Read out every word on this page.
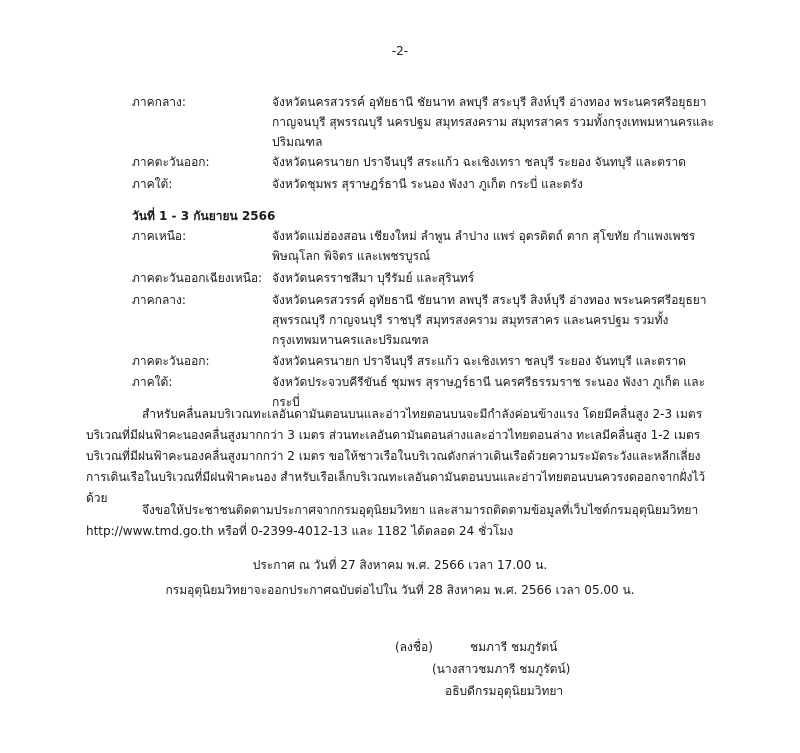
-2-
ภาคกลาง:	จังหวัดนครสวรรค์ อุทัยธานี ชัยนาท ลพบุรี สระบุรี สิงห์บุรี อ่างทอง พระนครศรีอยุธยา กาญจนบุรี สุพรรณบุรี นครปฐม สมุทรสงคราม สมุทรสาคร รวมทั้งกรุงเทพมหานครและปริมณฑล
ภาคตะวันออก:	จังหวัดนครนายก ปราจีนบุรี สระแก้ว ฉะเชิงเทรา ชลบุรี ระยอง จันทบุรี และตราด
ภาคใต้:	จังหวัดชุมพร สุราษฎร์ธานี ระนอง พังงา ภูเก็ต กระบี่ และตรัง
วันที่ 1 - 3 กันยายน 2566
ภาคเหนือ:	จังหวัดแม่ฮ่องสอน เชียงใหม่ ลำพูน ลำปาง แพร่ อุตรดิตถ์ ตาก สุโขทัย กำแพงเพชร พิษณุโลก พิจิตร และเพชรบูรณ์
ภาคตะวันออกเฉียงเหนือ: จังหวัดนครราชสีมา บุรีรัมย์ และสุรินทร์
ภาคกลาง:	จังหวัดนครสวรรค์ อุทัยธานี ชัยนาท ลพบุรี สระบุรี สิงห์บุรี อ่างทอง พระนครศรีอยุธยา สุพรรณบุรี กาญจนบุรี ราชบุรี สมุทรสงคราม สมุทรสาคร และนครปฐม รวมทั้งกรุงเทพมหานครและปริมณฑล
ภาคตะวันออก:	จังหวัดนครนายก ปราจีนบุรี สระแก้ว ฉะเชิงเทรา ชลบุรี ระยอง จันทบุรี และตราด
ภาคใต้:	จังหวัดประจวบคีรีขันธ์ ชุมพร สุราษฎร์ธานี นครศรีธรรมราช ระนอง พังงา ภูเก็ต และกระบี่
สำหรับคลื่นลมบริเวณทะเลอันดามันตอนบนและอ่าวไทยตอนบนจะมีกำลังค่อนข้างแรง โดยมีคลื่นสูง 2-3 เมตร บริเวณที่มีฝนฟ้าคะนองคลื่นสูงมากกว่า 3 เมตร ส่วนทะเลอันดามันตอนล่างและอ่าวไทยตอนล่าง ทะเลมีคลื่นสูง 1-2 เมตร บริเวณที่มีฝนฟ้าคะนองคลื่นสูงมากกว่า 2 เมตร ขอให้ชาวเรือในบริเวณดังกล่าวเดินเรือด้วยความระมัดระวังและหลีกเลี่ยงการเดินเรือในบริเวณที่มีฝนฟ้าคะนอง สำหรับเรือเล็กบริเวณทะเลอันดามันตอนบนและอ่าวไทยตอนบนควรงดออกจากฝั่งไว้ด้วย
จึงขอให้ประชาชนติดตามประกาศจากกรมอุตุนิยมวิทยา และสามารถติดตามข้อมูลที่เว็บไซต์กรมอุตุนิยมวิทยา http://www.tmd.go.th หรือที่ 0-2399-4012-13 และ 1182 ได้ตลอด 24 ชั่วโมง
ประกาศ ณ วันที่ 27 สิงหาคม พ.ศ. 2566 เวลา 17.00 น.
กรมอุตุนิยมวิทยาจะออกประกาศฉบับต่อไปใน วันที่ 28 สิงหาคม พ.ศ. 2566 เวลา 05.00 น.
(ลงชื่อ)	ชมภารี ชมภูรัตน์
(นางสาวชมภารี ชมภูรัตน์)
อธิบดีกรมอุตุนิยมวิทยา
